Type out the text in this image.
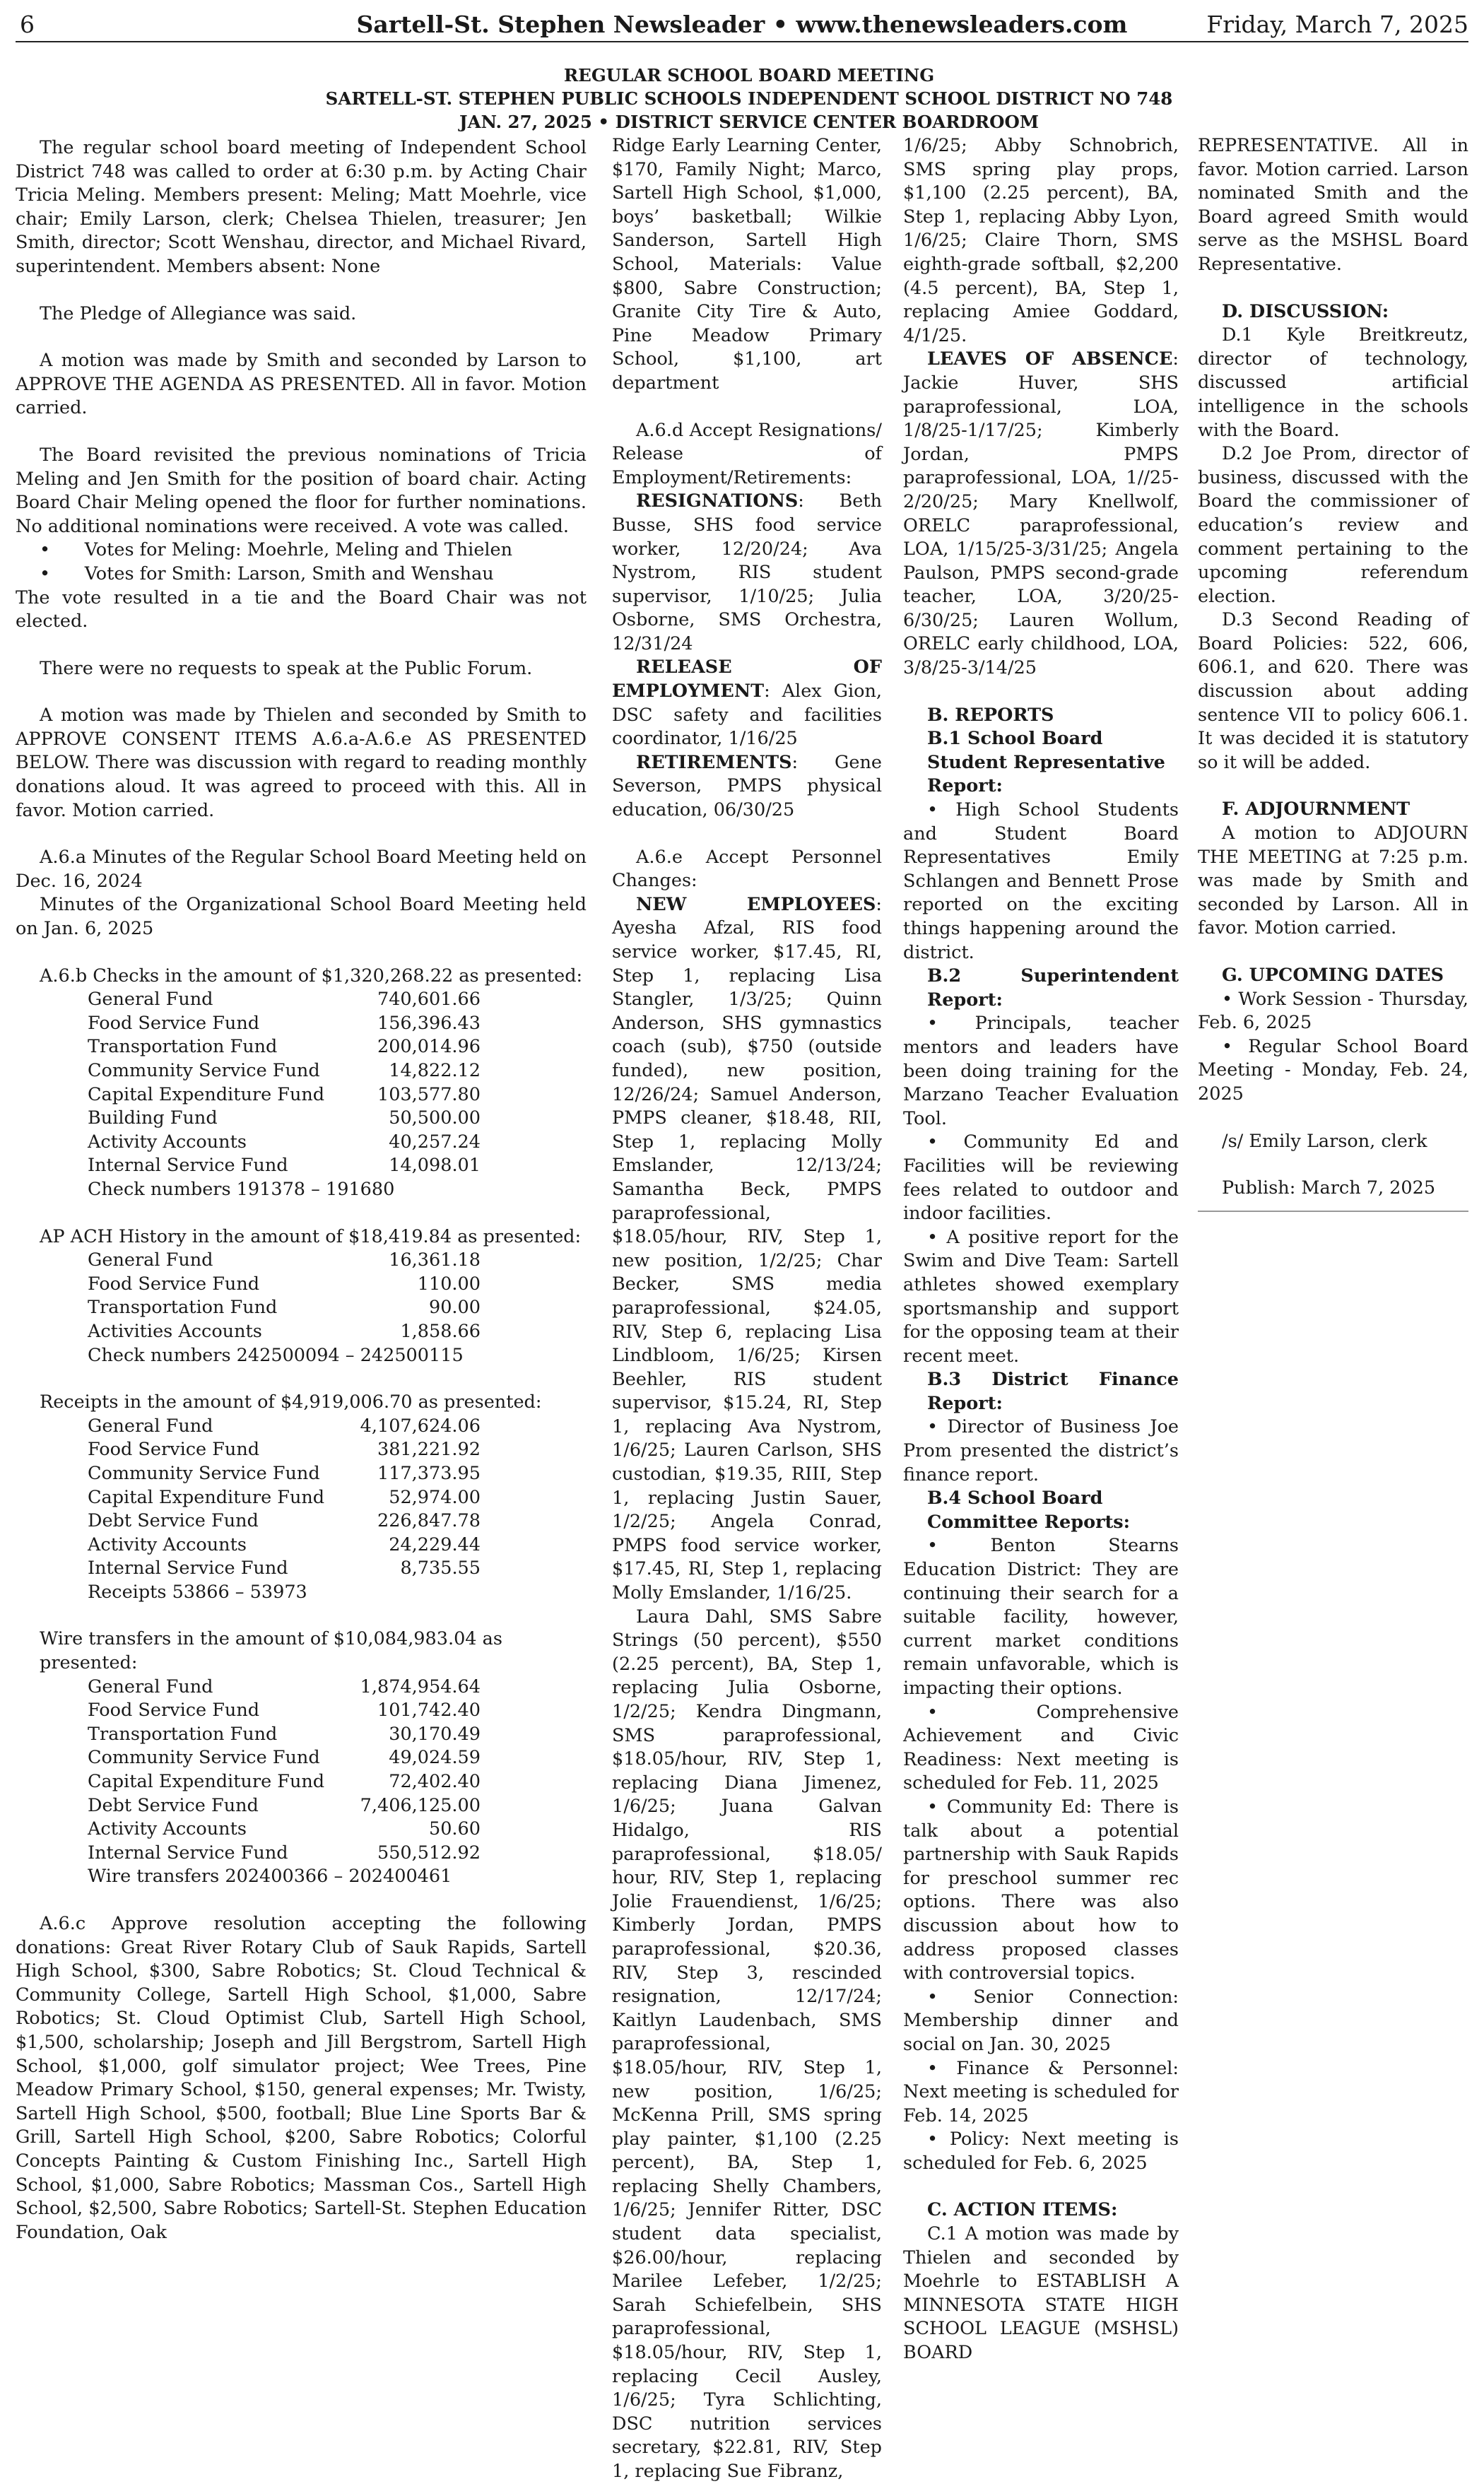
6	Sartell-St. Stephen Newsleader • www.thenewsleaders.com	Friday, March 7, 2025
REGULAR SCHOOL BOARD MEETING
SARTELL-ST. STEPHEN PUBLIC SCHOOLS INDEPENDENT SCHOOL DISTRICT NO 748
JAN. 27, 2025 • DISTRICT SERVICE CENTER BOARDROOM

The regular school board meeting of Independent School District 748 was called to order at 6:30 p.m. by Acting Chair Tricia Meling. Members present: Meling; Matt Moehrle, vice chair; Emily Larson, clerk; Chelsea Thielen, treasurer; Jen Smith, director; Scott Wenshau, director, and Michael Rivard, superintendent. Members absent: None

The Pledge of Allegiance was said.

A motion was made by Smith and seconded by Larson to APPROVE THE AGENDA AS PRESENTED. All in favor. Motion carried.

The Board revisited the previous nominations of Tricia Meling and Jen Smith for the position of board chair. Acting Board Chair Meling opened the floor for further nominations. No additional nominations were received. A vote was called.

•      Votes for Meling: Moehrle, Meling and Thielen

•      Votes for Smith: Larson, Smith and Wenshau

The vote resulted in a tie and the Board Chair was not elected.

There were no requests to speak at the Public Forum.

A motion was made by Thielen and seconded by Smith to APPROVE CONSENT ITEMS A.6.a-A.6.e AS PRESENTED BELOW. There was discussion with regard to reading monthly donations aloud. It was agreed to proceed with this. All in favor. Motion carried.

A.6.a Minutes of the Regular School Board Meeting held on Dec. 16, 2024

Minutes of the Organizational School Board Meeting held on Jan. 6, 2025

A.6.b Checks in the amount of $1,320,268.22 as presented:

General Fund	740,601.66
Food Service Fund	156,396.43
Transportation Fund	200,014.96
Community Service Fund	14,822.12
Capital Expenditure Fund	103,577.80
Building Fund	50,500.00
Activity Accounts	40,257.24
Internal Service Fund	14,098.01

Check numbers 191378 – 191680

AP ACH History in the amount of $18,419.84 as presented:

General Fund	16,361.18
Food Service Fund	110.00
Transportation Fund	90.00
Activities Accounts	1,858.66

Check numbers 242500094 – 242500115

Receipts in the amount of $4,919,006.70 as presented:

General Fund	4,107,624.06
Food Service Fund	381,221.92
Community Service Fund	117,373.95
Capital Expenditure Fund	52,974.00
Debt Service Fund	226,847.78
Activity Accounts	24,229.44
Internal Service Fund	8,735.55

Receipts 53866 – 53973

Wire transfers in the amount of $10,084,983.04 as presented:

General Fund	1,874,954.64
Food Service Fund	101,742.40
Transportation Fund	30,170.49
Community Service Fund	49,024.59
Capital Expenditure Fund	72,402.40
Debt Service Fund	7,406,125.00
Activity Accounts	50.60
Internal Service Fund	550,512.92

Wire transfers 202400366 – 202400461

A.6.c Approve resolution accepting the following donations: Great River Rotary Club of Sauk Rapids, Sartell High School, $300, Sabre Robotics; St. Cloud Technical & Community College, Sartell High School, $1,000, Sabre Robotics; St. Cloud Optimist Club, Sartell High School, $1,500, scholarship; Joseph and Jill Bergstrom, Sartell High School, $1,000, golf simulator project; Wee Trees, Pine Meadow Primary School, $150, general expenses; Mr. Twisty, Sartell High School, $500, football; Blue Line Sports Bar & Grill, Sartell High School, $200, Sabre Robotics; Colorful Concepts Painting & Custom Finishing Inc., Sartell High School, $1,000, Sabre Robotics; Massman Cos., Sartell High School, $2,500, Sabre Robotics; Sartell-St. Stephen Education Foundation, Oak

Ridge Early Learning Center, $170, Family Night; Marco, Sartell High School, $1,000, boys’ basketball; Wilkie Sanderson, Sartell High School, Materials: Value $800, Sabre Construction; Granite City Tire & Auto, Pine Meadow Primary School, $1,100, art department

A.6.d Accept Resignations/ Release of Employment/Retirements:

RESIGNATIONS: Beth Busse, SHS food service worker, 12/20/24; Ava Nystrom, RIS student supervisor, 1/10/25; Julia Osborne, SMS Orchestra, 12/31/24

RELEASE OF EMPLOYMENT: Alex Gion, DSC safety and facilities coordinator, 1/16/25

RETIREMENTS: Gene Severson, PMPS physical education, 06/30/25

A.6.e Accept Personnel Changes:

NEW EMPLOYEES: Ayesha Afzal, RIS food service worker, $17.45, RI, Step 1, replacing Lisa Stangler, 1/3/25; Quinn Anderson, SHS gymnastics coach (sub), $750 (outside funded), new position, 12/26/24; Samuel Anderson, PMPS cleaner, $18.48, RII, Step 1, replacing Molly Emslander, 12/13/24; Samantha Beck, PMPS paraprofessional, $18.05/hour, RIV, Step 1, new position, 1/2/25; Char Becker, SMS media paraprofessional, $24.05, RIV, Step 6, replacing Lisa Lindbloom, 1/6/25; Kirsen Beehler, RIS student supervisor, $15.24, RI, Step 1, replacing Ava Nystrom, 1/6/25; Lauren Carlson, SHS custodian, $19.35, RIII, Step 1, replacing Justin Sauer, 1/2/25; Angela Conrad, PMPS food service worker, $17.45, RI, Step 1, replacing Molly Emslander, 1/16/25.

Laura Dahl, SMS Sabre Strings (50 percent), $550 (2.25 percent), BA, Step 1, replacing Julia Osborne, 1/2/25; Kendra Dingmann, SMS paraprofessional, $18.05/hour, RIV, Step 1, replacing Diana Jimenez, 1/6/25; Juana Galvan Hidalgo, RIS paraprofessional, $18.05/ hour, RIV, Step 1, replacing Jolie Frauendienst, 1/6/25; Kimberly Jordan, PMPS paraprofessional, $20.36, RIV, Step 3, rescinded resignation, 12/17/24; Kaitlyn Laudenbach, SMS paraprofessional, $18.05/hour, RIV, Step 1, new position, 1/6/25; McKenna Prill, SMS spring play painter, $1,100 (2.25 percent), BA, Step 1, replacing Shelly Chambers, 1/6/25; Jennifer Ritter, DSC student data specialist, $26.00/hour, replacing Marilee Lefeber, 1/2/25; Sarah Schiefelbein, SHS paraprofessional, $18.05/hour, RIV, Step 1, replacing Cecil Ausley, 1/6/25; Tyra Schlichting, DSC nutrition services secretary, $22.81, RIV, Step 1, replacing Sue Fibranz,

1/6/25; Abby Schnobrich, SMS spring play props, $1,100 (2.25 percent), BA, Step 1, replacing Abby Lyon, 1/6/25; Claire Thorn, SMS eighth-grade softball, $2,200 (4.5 percent), BA, Step 1, replacing Amiee Goddard, 4/1/25.

LEAVES OF ABSENCE: Jackie Huver, SHS paraprofessional, LOA, 1/8/25-1/17/25; Kimberly Jordan, PMPS paraprofessional, LOA, 1//25-2/20/25; Mary Knellwolf, ORELC paraprofessional, LOA, 1/15/25-3/31/25; Angela Paulson, PMPS second-grade teacher, LOA, 3/20/25-6/30/25; Lauren Wollum, ORELC early childhood, LOA, 3/8/25-3/14/25

B. REPORTS

B.1 School Board Student Representative Report:

• High School Students and Student Board Representatives Emily Schlangen and Bennett Prose reported on the exciting things happening around the district.

B.2 Superintendent Report:

• Principals, teacher mentors and leaders have been doing training for the Marzano Teacher Evaluation Tool.

• Community Ed and Facilities will be reviewing fees related to outdoor and indoor facilities.

• A positive report for the Swim and Dive Team: Sartell athletes showed exemplary sportsmanship and support for the opposing team at their recent meet.

B.3 District Finance Report:

• Director of Business Joe Prom presented the district’s finance report.

B.4 School Board Committee Reports:

• Benton Stearns Education District: They are continuing their search for a suitable facility, however, current market conditions remain unfavorable, which is impacting their options.

• Comprehensive Achievement and Civic Readiness: Next meeting is scheduled for Feb. 11, 2025

• Community Ed: There is talk about a potential partnership with Sauk Rapids for preschool summer rec options. There was also discussion about how to address proposed classes with controversial topics.

• Senior Connection: Membership dinner and social on Jan. 30, 2025

• Finance & Personnel: Next meeting is scheduled for Feb. 14, 2025

• Policy: Next meeting is scheduled for Feb. 6, 2025

C. ACTION ITEMS:

C.1 A motion was made by Thielen and seconded by Moehrle to ESTABLISH A MINNESOTA STATE HIGH SCHOOL LEAGUE (MSHSL) BOARD

REPRESENTATIVE. All in favor. Motion carried. Larson nominated Smith and the Board agreed Smith would serve as the MSHSL Board Representative.

D. DISCUSSION:

D.1 Kyle Breitkreutz, director of technology, discussed artificial intelligence in the schools with the Board.

D.2 Joe Prom, director of business, discussed with the Board the commissioner of education’s review and comment pertaining to the upcoming referendum election.

D.3 Second Reading of Board Policies: 522, 606, 606.1, and 620. There was discussion about adding sentence VII to policy 606.1. It was decided it is statutory so it will be added.

F. ADJOURNMENT

A motion to ADJOURN THE MEETING at 7:25 p.m. was made by Smith and seconded by Larson. All in favor. Motion carried.

G. UPCOMING DATES

• Work Session - Thursday, Feb. 6, 2025

• Regular School Board Meeting - Monday, Feb. 24, 2025

/s/ Emily Larson, clerk

Publish: March 7, 2025
